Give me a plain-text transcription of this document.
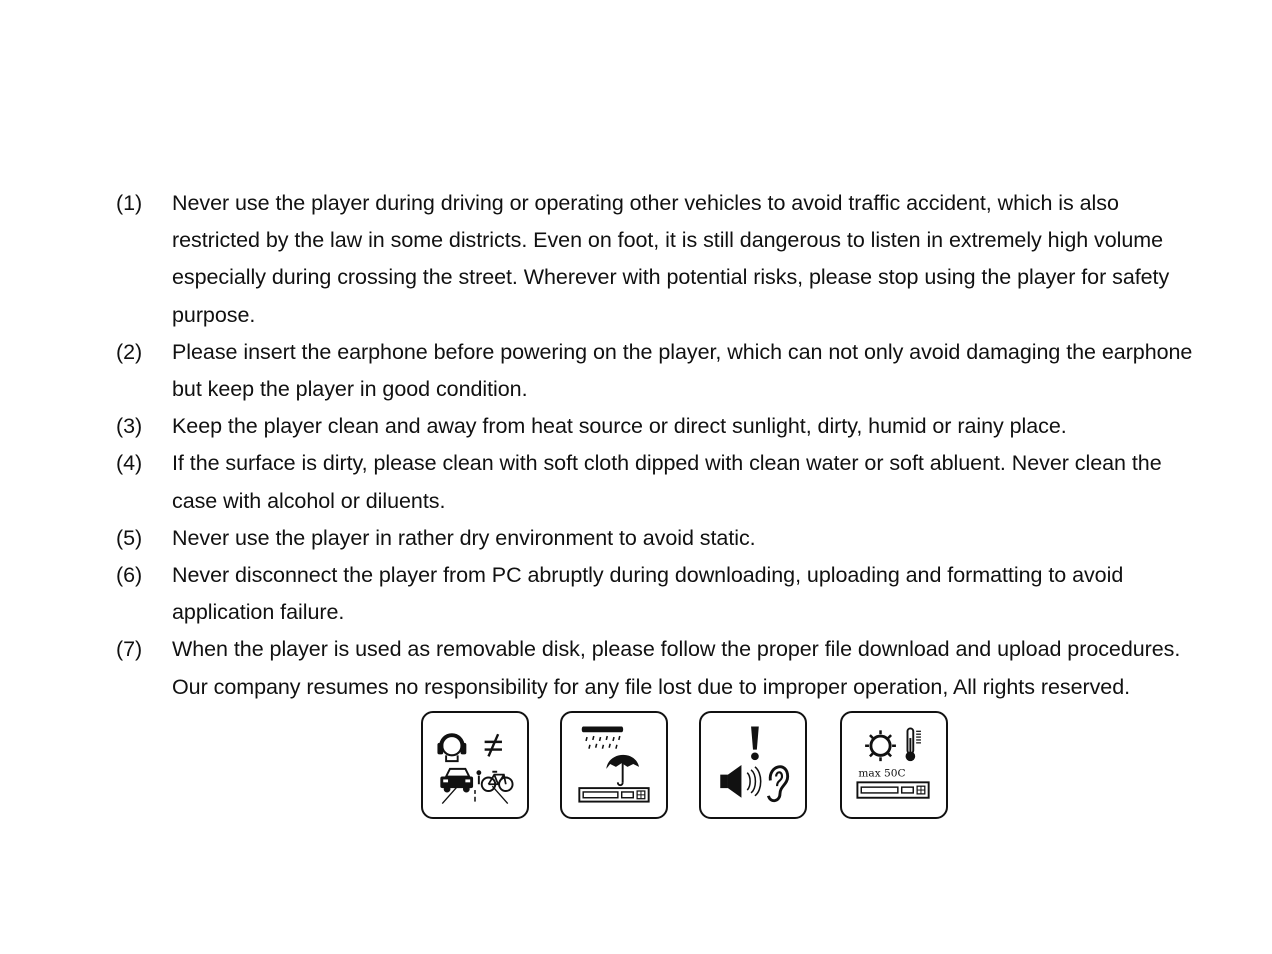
(1) Never use the player during driving or operating other vehicles to avoid traffic accident, which is also restricted by the law in some districts. Even on foot, it is still dangerous to listen in extremely high volume especially during crossing the street. Wherever with potential risks, please stop using the player for safety purpose.
(2) Please insert the earphone before powering on the player, which can not only avoid damaging the earphone but keep the player in good condition.
(3) Keep the player clean and away from heat source or direct sunlight, dirty, humid or rainy place.
(4) If the surface is dirty, please clean with soft cloth dipped with clean water or soft abluent. Never clean the case with alcohol or diluents.
(5) Never use the player in rather dry environment to avoid static.
(6) Never disconnect the player from PC abruptly during downloading, uploading and formatting to avoid application failure.
(7) When the player is used as removable disk, please follow the proper file download and upload procedures. Our company resumes no responsibility for any file lost due to improper operation, All rights reserved.
max 50C
